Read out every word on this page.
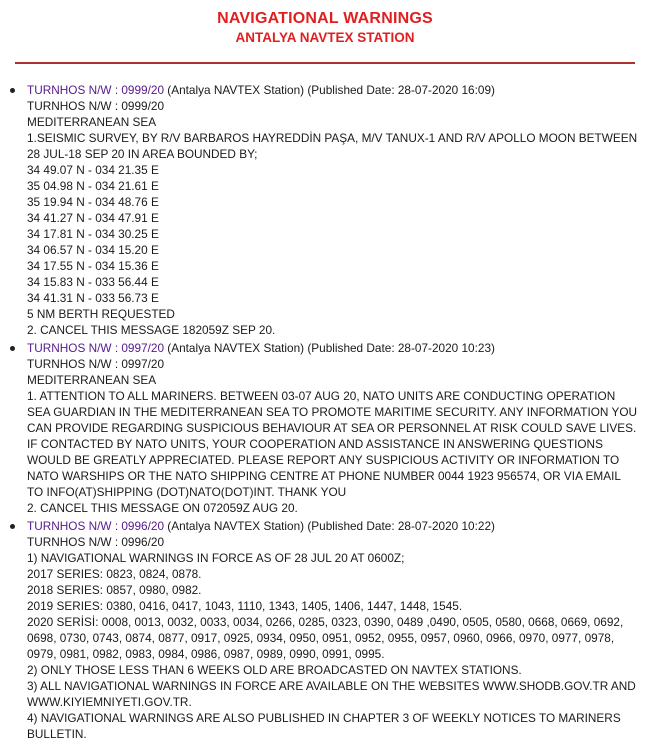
NAVIGATIONAL WARNINGS
ANTALYA NAVTEX STATION
TURNHOS N/W : 0999/20 (Antalya NAVTEX Station) (Published Date: 28-07-2020 16:09)
TURNHOS N/W : 0999/20
MEDITERRANEAN SEA
1.SEISMIC SURVEY, BY R/V BARBAROS HAYREDDİN PAŞA, M/V TANUX-1 AND R/V APOLLO MOON BETWEEN
28 JUL-18 SEP 20 IN AREA BOUNDED BY;
34 49.07 N - 034 21.35 E
35 04.98 N - 034 21.61 E
35 19.94 N - 034 48.76 E
34 41.27 N - 034 47.91 E
34 17.81 N - 034 30.25 E
34 06.57 N - 034 15.20 E
34 17.55 N - 034 15.36 E
34 15.83 N - 033 56.44 E
34 41.31 N - 033 56.73 E
5 NM BERTH REQUESTED
2. CANCEL THIS MESSAGE 182059Z SEP 20.
TURNHOS N/W : 0997/20 (Antalya NAVTEX Station) (Published Date: 28-07-2020 10:23)
TURNHOS N/W : 0997/20
MEDITERRANEAN SEA
1. ATTENTION TO ALL MARINERS. BETWEEN 03-07 AUG 20, NATO UNITS ARE CONDUCTING OPERATION
SEA GUARDIAN IN THE MEDITERRANEAN SEA TO PROMOTE MARITIME SECURITY. ANY INFORMATION YOU
CAN PROVIDE REGARDING SUSPICIOUS BEHAVIOUR AT SEA OR PERSONNEL AT RISK COULD SAVE LIVES.
IF CONTACTED BY NATO UNITS, YOUR COOPERATION AND ASSISTANCE IN ANSWERING QUESTIONS
WOULD BE GREATLY APPRECIATED. PLEASE REPORT ANY SUSPICIOUS ACTIVITY OR INFORMATION TO
NATO WARSHIPS OR THE NATO SHIPPING CENTRE AT PHONE NUMBER 0044 1923 956574, OR VIA EMAIL
TO INFO(AT)SHIPPING (DOT)NATO(DOT)INT. THANK YOU
2. CANCEL THIS MESSAGE ON 072059Z AUG 20.
TURNHOS N/W : 0996/20 (Antalya NAVTEX Station) (Published Date: 28-07-2020 10:22)
TURNHOS N/W : 0996/20
1) NAVIGATIONAL WARNINGS IN FORCE AS OF 28 JUL 20 AT 0600Z;
2017 SERIES: 0823, 0824, 0878.
2018 SERIES: 0857, 0980, 0982.
2019 SERIES: 0380, 0416, 0417, 1043, 1110, 1343, 1405, 1406, 1447, 1448, 1545.
2020 SERİSİ: 0008, 0013, 0032, 0033, 0034, 0266, 0285, 0323, 0390, 0489 ,0490, 0505, 0580, 0668, 0669, 0692,
0698, 0730, 0743, 0874, 0877, 0917, 0925, 0934, 0950, 0951, 0952, 0955, 0957, 0960, 0966, 0970, 0977, 0978,
0979, 0981, 0982, 0983, 0984, 0986, 0987, 0989, 0990, 0991, 0995.
2) ONLY THOSE LESS THAN 6 WEEKS OLD ARE BROADCASTED ON NAVTEX STATIONS.
3) ALL NAVIGATIONAL WARNINGS IN FORCE ARE AVAILABLE ON THE WEBSITES WWW.SHODB.GOV.TR AND
WWW.KIYIEMNIYETI.GOV.TR.
4) NAVIGATIONAL WARNINGS ARE ALSO PUBLISHED IN CHAPTER 3 OF WEEKLY NOTICES TO MARINERS
BULLETIN.
